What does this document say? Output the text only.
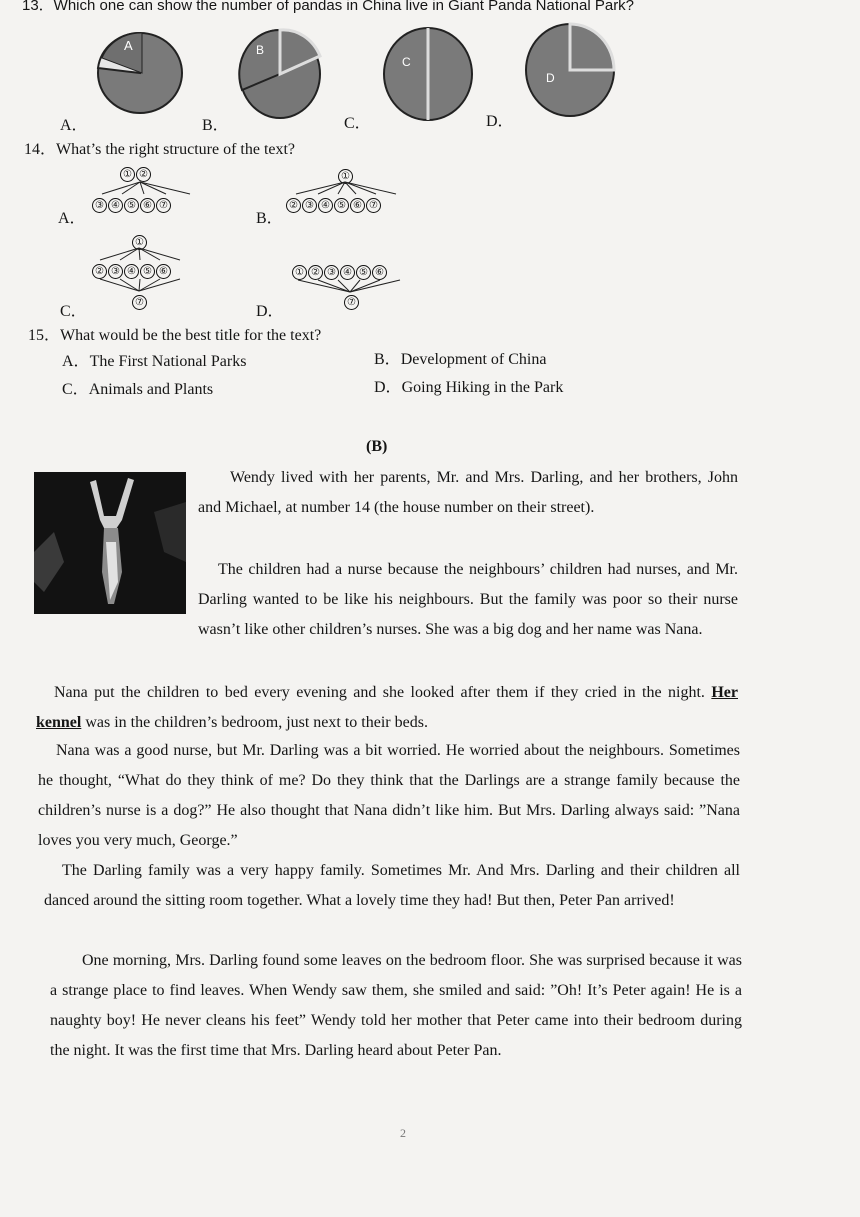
13．Which one can show the number of pandas in China live in Giant Panda National Park?
A
A．
B
B．
C
C．
D
D．
14．What’s the right structure of the text?
① ②
③ ④ ⑤ ⑥ ⑦
A．
①
② ③ ④ ⑤ ⑥ ⑦
B．
①
② ③ ④ ⑤ ⑥
⑦
C．
① ② ③ ④ ⑤ ⑥
⑦
D．
15．What would be the best title for the text?
A．The First National Parks	B．Development of China
C．Animals and Plants	D．Going Hiking in the Park
(B)
Wendy lived with her parents, Mr. and Mrs. Darling, and her brothers, John and Michael, at number 14 (the house number on their street).
The children had a nurse because the neighbours’ children had nurses, and Mr. Darling wanted to be like his neighbours. But the family was poor so their nurse wasn’t like other children’s nurses. She was a big dog and her name was Nana.
Nana put the children to bed every evening and she looked after them if they cried in the night. Her kennel was in the children’s bedroom, just next to their beds.
Nana was a good nurse, but Mr. Darling was a bit worried. He worried about the neighbours. Sometimes he thought, “What do they think of me? Do they think that the Darlings are a strange family because the children’s nurse is a dog?” He also thought that Nana didn’t like him. But Mrs. Darling always said: ”Nana loves you very much, George.”
The Darling family was a very happy family. Sometimes Mr. And Mrs. Darling and their children all danced around the sitting room together. What a lovely time they had! But then, Peter Pan arrived!
One morning, Mrs. Darling found some leaves on the bedroom floor. She was surprised because it was a strange place to find leaves. When Wendy saw them, she smiled and said: ”Oh! It’s Peter again! He is a naughty boy! He never cleans his feet” Wendy told her mother that Peter came into their bedroom during the night. It was the first time that Mrs. Darling heard about Peter Pan.
2
